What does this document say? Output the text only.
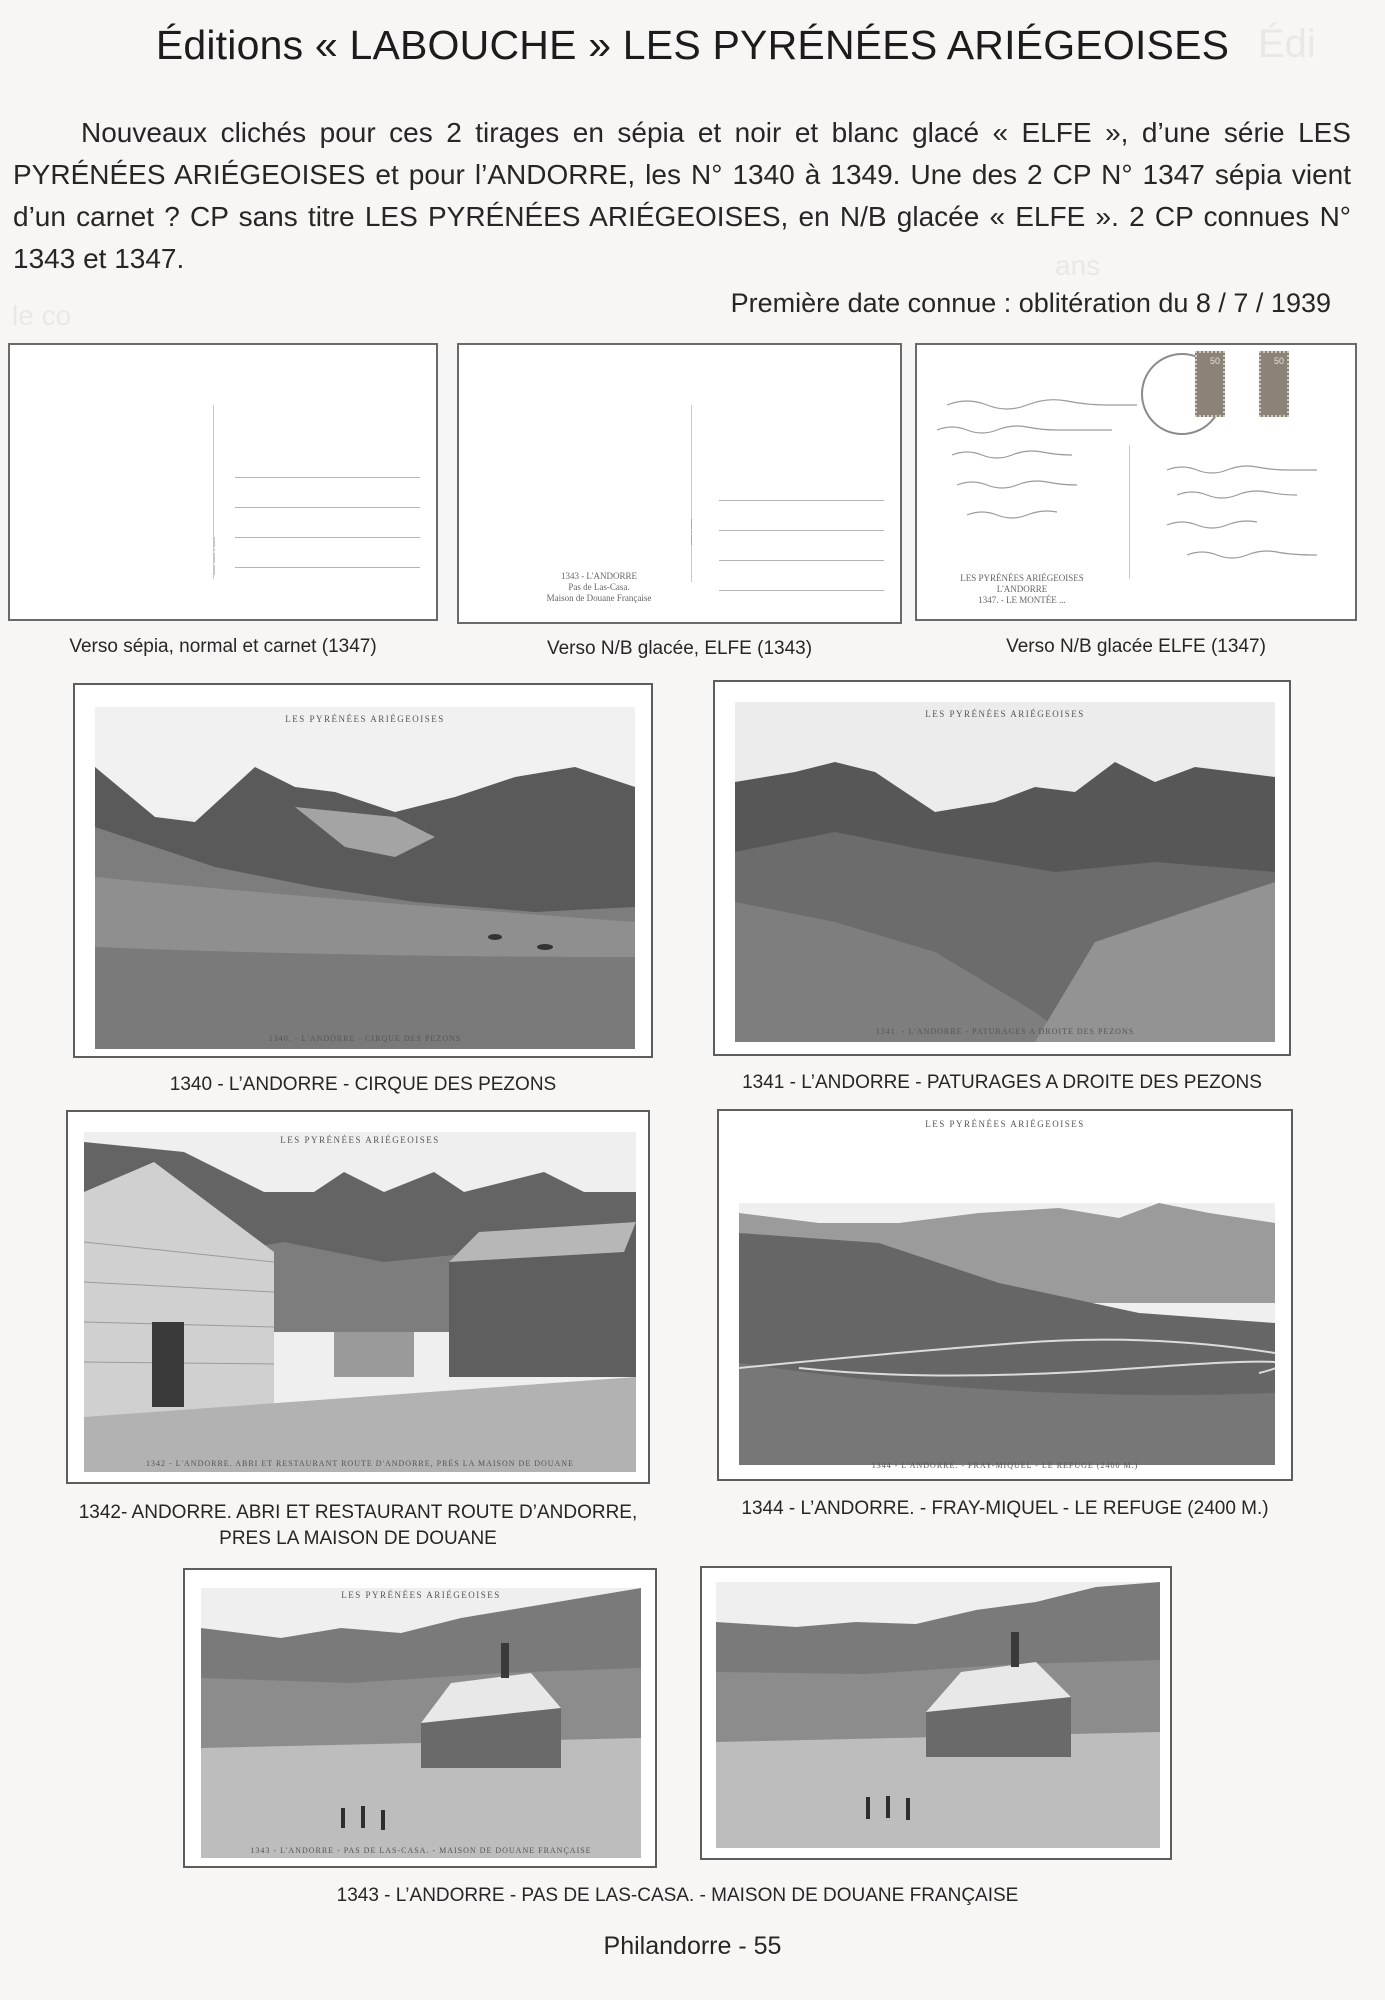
Édi
ans
le co
Éditions « LABOUCHE » LES PYRÉNÉES ARIÉGEOISES
Nouveaux clichés pour ces 2 tirages en sépia et noir et blanc glacé « ELFE », d’une série LES PYRÉNÉES ARIÉGEOISES et pour l’ANDORRE, les N° 1340 à 1349. Une des 2 CP N° 1347 sépia vient d’un carnet ? CP sans titre LES PYRÉNÉES ARIÉGEOISES, en N/B glacée « ELFE ». 2 CP connues N° 1343 et 1347.
Première date connue : oblitération du 8 / 7 / 1939
..... ..... . .....
Verso sépia, normal et carnet (1347)
..... . .....
1343 - L'ANDORRE
Pas de Las-Casa.
Maison de Douane Française
Verso N/B glacée, ELFE (1343)
50	50
LES PYRÉNÉES ARIÉGEOISES
L'ANDORRE
1347. - LE MONTÉE ...
Verso N/B glacée ELFE (1347)
LES PYRÉNÉES ARIÉGEOISES
1340. - L'ANDORRE - CIRQUE DES PEZONS
1340 - L’ANDORRE - CIRQUE DES PEZONS
LES PYRÉNÉES ARIÉGEOISES
1341. - L'ANDORRE - PATURAGES A DROITE DES PEZONS
1341 - L’ANDORRE - PATURAGES A DROITE DES PEZONS
LES PYRÉNÉES ARIÉGEOISES
1342 - L'ANDORRE. ABRI ET RESTAURANT ROUTE D'ANDORRE, PRÈS LA MAISON DE DOUANE
1342- ANDORRE. ABRI ET RESTAURANT ROUTE D’ANDORRE,
PRES LA MAISON DE DOUANE
LES PYRÉNÉES ARIÉGEOISES
1344 - L'ANDORRE. - FRAY-MIQUEL - LE REFUGE (2400 M.)
1344 - L’ANDORRE. - FRAY-MIQUEL - LE REFUGE (2400 M.)
LES PYRÉNÉES ARIÉGEOISES
1343 - L'ANDORRE - PAS DE LAS-CASA. - MAISON DE DOUANE FRANÇAISE
1343 - L’ANDORRE - PAS DE LAS-CASA. - MAISON DE DOUANE FRANÇAISE
Philandorre - 55
